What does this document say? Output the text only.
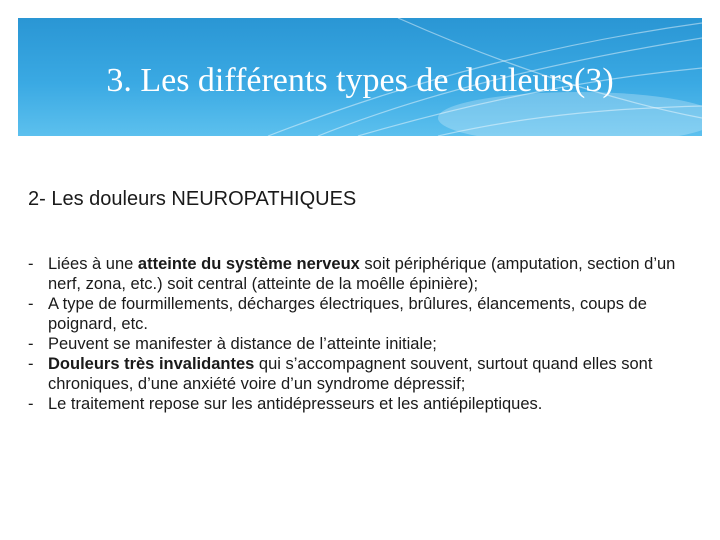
3. Les différents types de douleurs(3)
2- Les douleurs NEUROPATHIQUES
- Liées à une atteinte du système nerveux soit périphérique (amputation, section d’un nerf, zona, etc.) soit central (atteinte de la moêlle épinière);
- A type de fourmillements, décharges électriques, brûlures, élancements, coups de poignard, etc.
- Peuvent se manifester à distance de l’atteinte initiale;
- Douleurs très invalidantes qui s’accompagnent souvent, surtout quand elles sont chroniques, d’une anxiété voire d’un syndrome dépressif;
- Le traitement repose sur les antidépresseurs et les antiépileptiques.
